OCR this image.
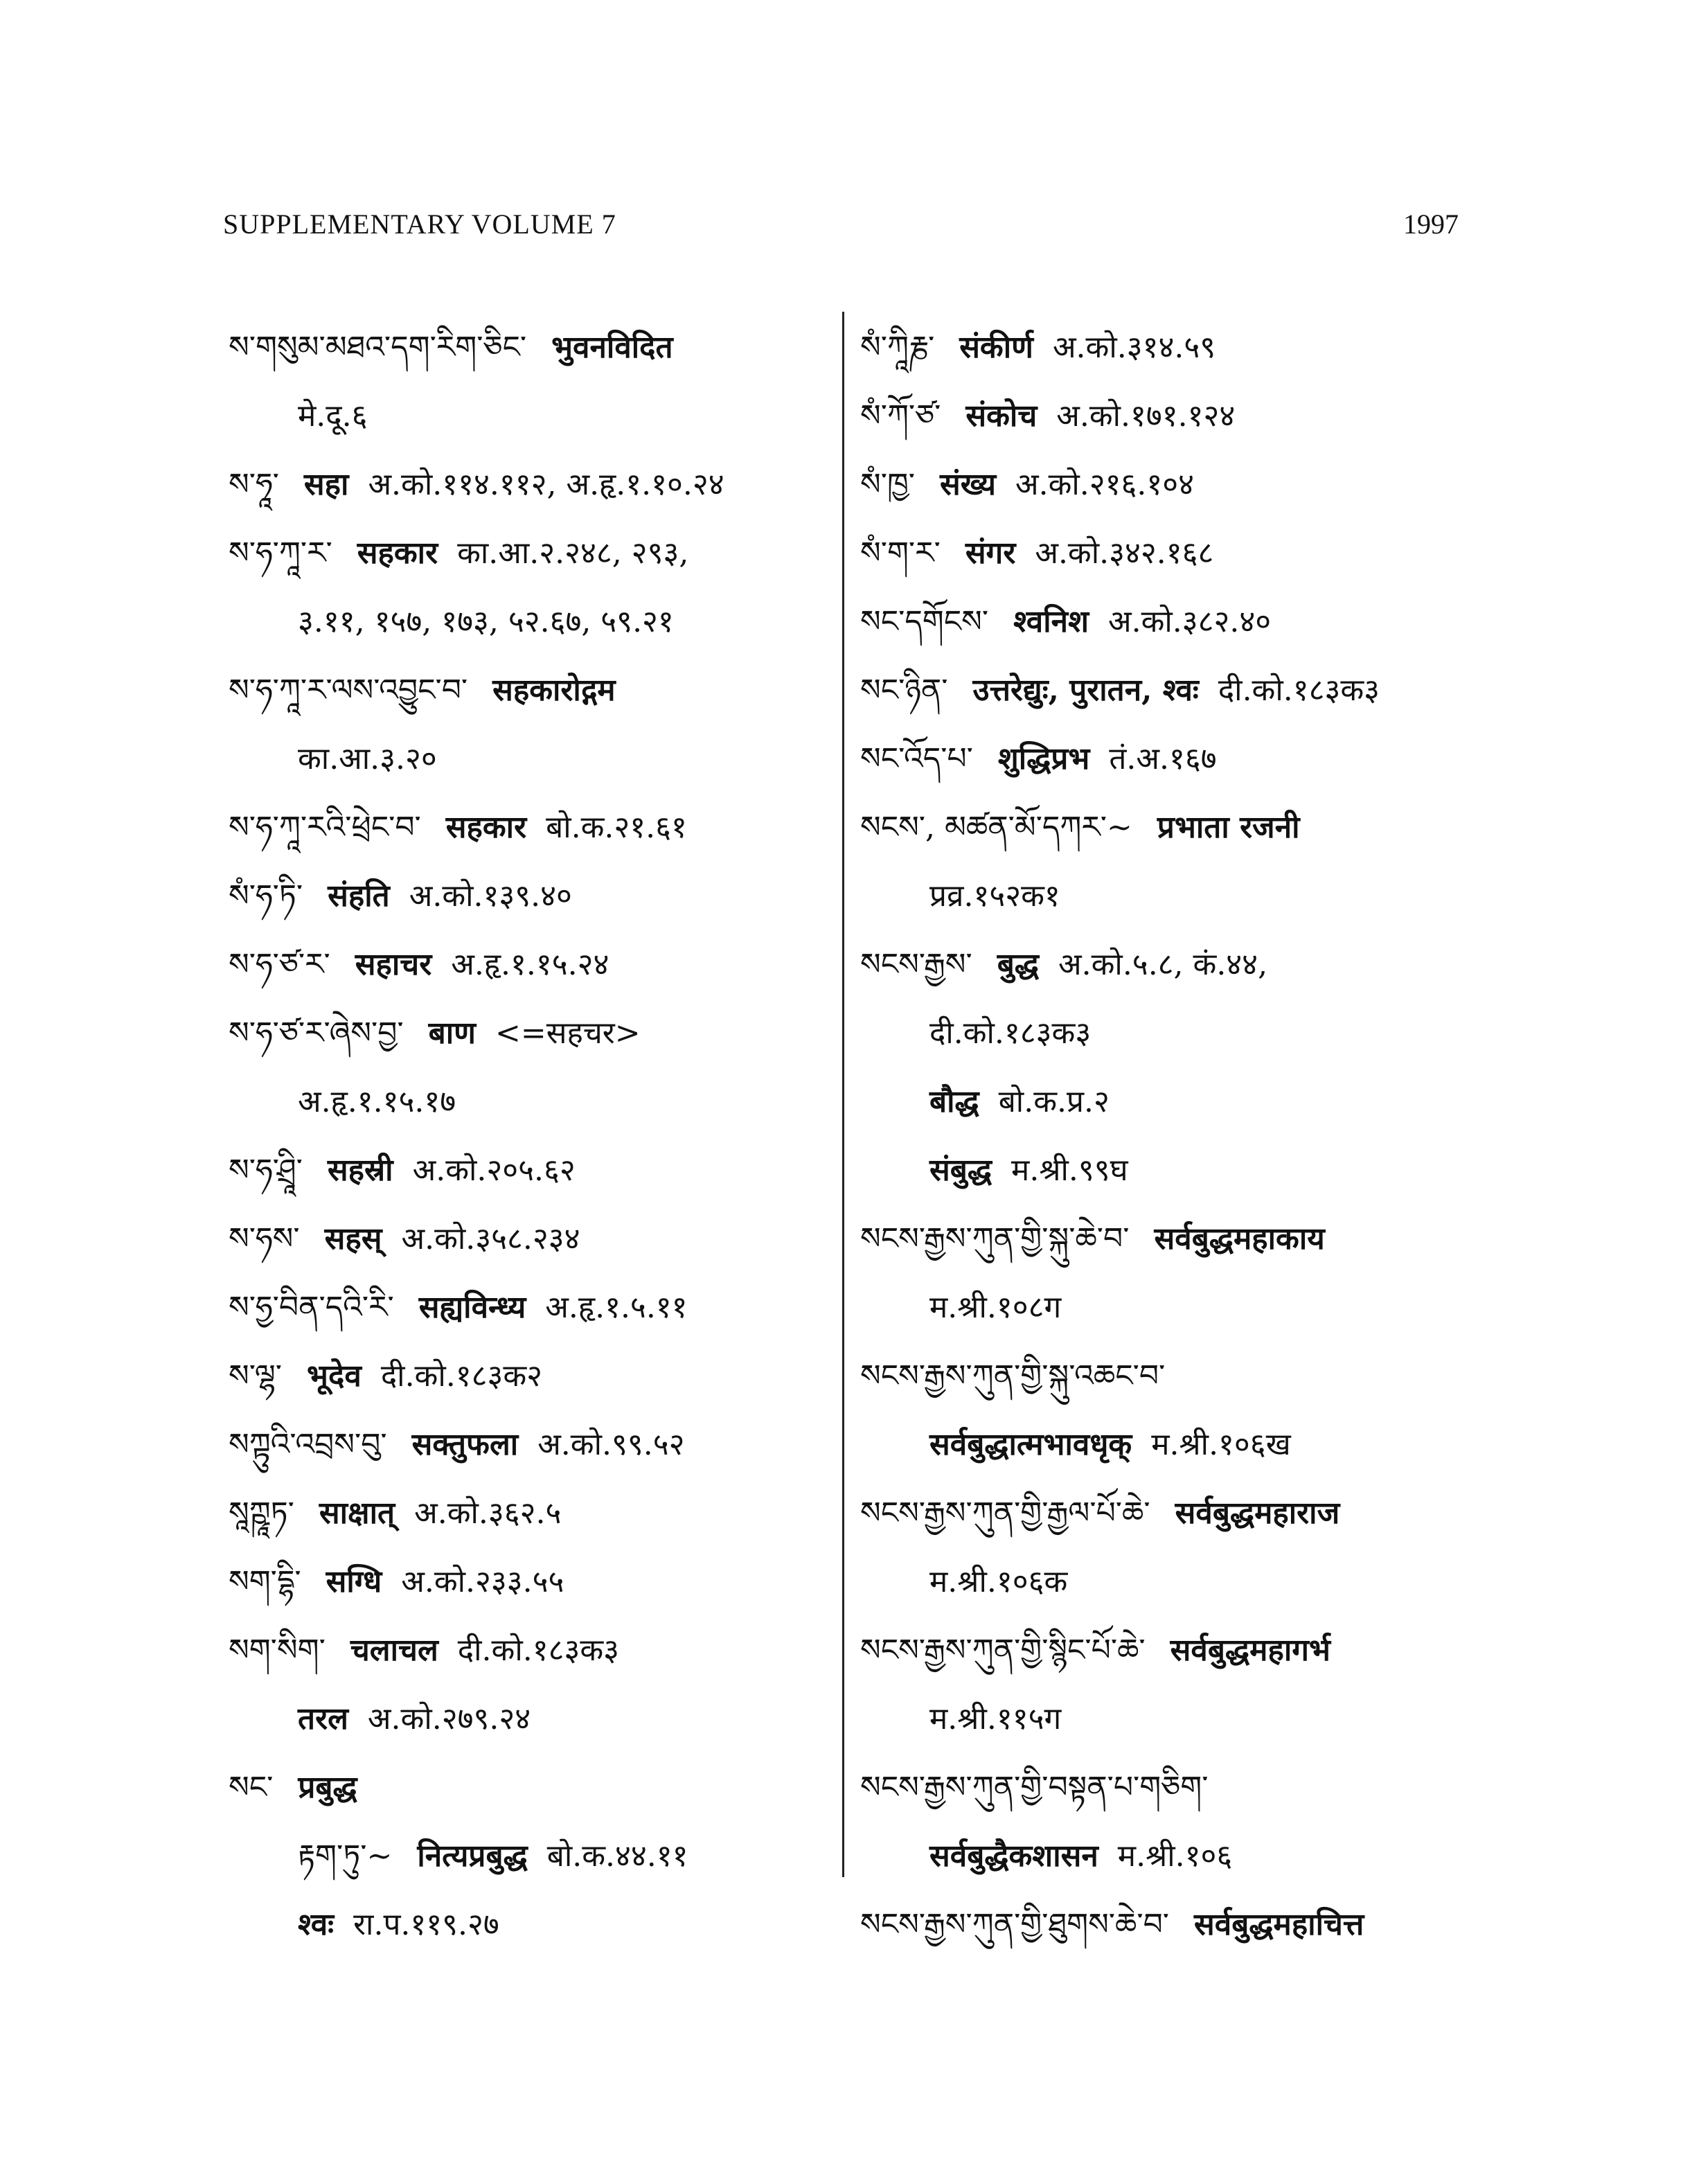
SUPPLEMENTARY VOLUME 7	1997
ས་གསུམ་མཐའ་དག་རིག་ཅིང་ भुवनविदित
मे.दू.६
ས་ཧཱ་ सहा अ.को.११४.११२, अ.हृ.१.१०.२४
ས་ཧ་ཀཱ་ར་ सहकार का.आ.२.२४८, २९३,
३.११, १५७, १७३, ५२.६७, ५९.२१
ས་ཧ་ཀཱ་ར་ལས་འབྱུང་བ་ सहकारोद्गम
का.आ.३.२०
ས་ཧ་ཀཱ་རའི་ཕྲེང་བ་ सहकार बो.क.२१.६१
སཾ་ཧ་ཏི་ संहति अ.को.१३९.४०
ས་ཧ་ཙ་ར་ सहाचर अ.हृ.१.१५.२४
ས་ཧ་ཙ་ར་ཞེས་བྱ་ बाण <=सहचर>
अ.हृ.१.१५.१७
ས་ཧ་ཤྲཱི་ सहस्री अ.को.२०५.६२
ས་ཧས་ सहस् अ.को.३५८.२३४
ས་ཧྱ་བིན་དའི་རི་ सह्यविन्ध्य अ.हृ.१.५.११
ས་ལྷ་ भूदेव दी.को.१८३क२
སཀྟུའི་འབྲས་བུ་ सक्तुफला अ.को.९९.५२
སཱཀྵཱཏ་ साक्षात् अ.को.३६२.५
སག་དྷི་ सग्धि अ.को.२३३.५५
སག་སིག་ चलाचल दी.को.१८३क३
तरल अ.को.२७९.२४
སང་ प्रबुद्ध
རྟག་ཏུ་~ नित्यप्रबुद्ध बो.क.४४.११
श्वः रा.प.११९.२७
སཾ་ཀཱིརྞ་ संकीर्ण अ.को.३१४.५९
སཾ་ཀོ་ཙ་ संकोच अ.को.१७१.१२४
སཾ་ཁྱ་ संख्य अ.को.२१६.१०४
སཾ་ག་ར་ संगर अ.को.३४२.१६८
སང་དགོངས་ श्वनिश अ.को.३८२.४०
སང་ཉིན་ उत्तरेद्युः, पुरातन, श्वः दी.को.१८३क३
སང་འོད་པ་ शुद्धिप्रभ तं.अ.१६७
སངས་, མཚན་མོ་དཀར་~ प्रभाता रजनी
प्रव्र.१५२क१
སངས་རྒྱས་ बुद्ध अ.को.५.८, कं.४४,
दी.को.१८३क३
बौद्ध बो.क.प्र.२
संबुद्ध म.श्री.९९घ
སངས་རྒྱས་ཀུན་གྱི་སྐུ་ཆེ་བ་ सर्वबुद्धमहाकाय
म.श्री.१०८ग
སངས་རྒྱས་ཀུན་གྱི་སྐུ་འཆང་བ་
सर्वबुद्धात्मभावधृक् म.श्री.१०६ख
སངས་རྒྱས་ཀུན་གྱི་རྒྱལ་པོ་ཆེ་ सर्वबुद्धमहाराज
म.श्री.१०६क
སངས་རྒྱས་ཀུན་གྱི་སྙིང་པོ་ཆེ་ सर्वबुद्धमहागर्भ
म.श्री.११५ग
སངས་རྒྱས་ཀུན་གྱི་བསྟན་པ་གཅིག་
सर्वबुद्धैकशासन म.श्री.१०६
སངས་རྒྱས་ཀུན་གྱི་ཐུགས་ཆེ་བ་ सर्वबुद्धमहाचित्त
